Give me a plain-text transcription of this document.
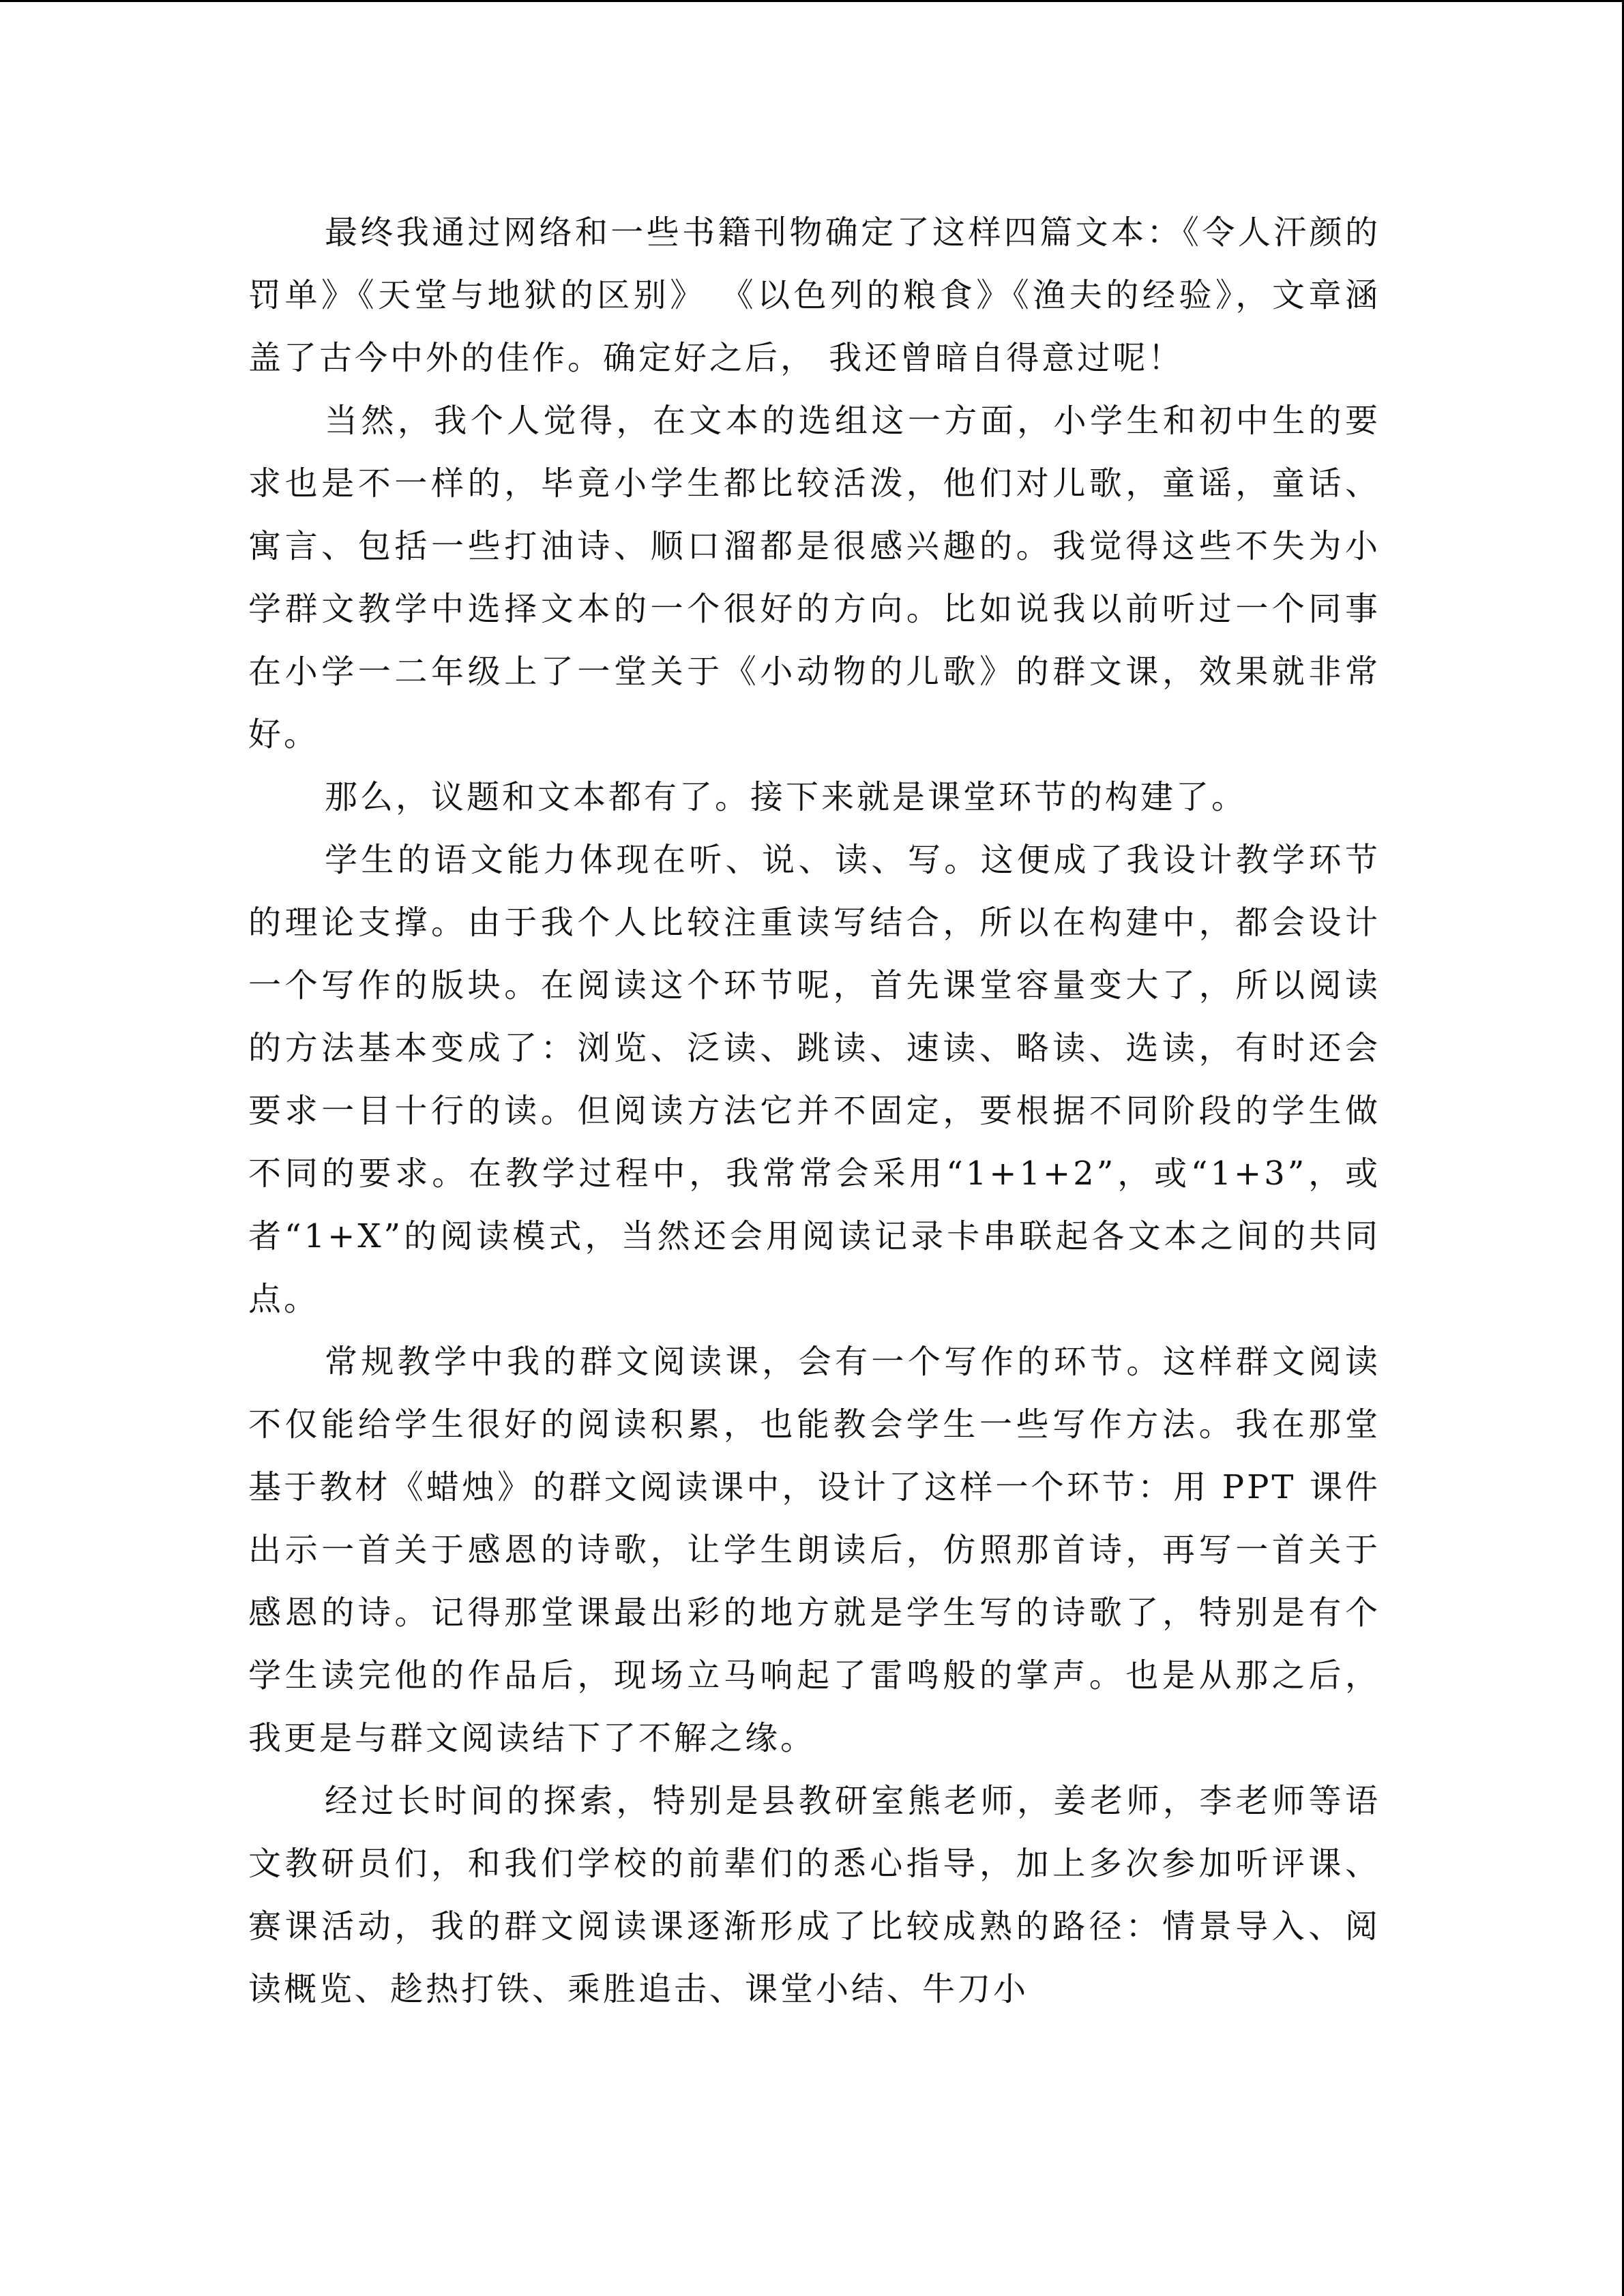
最终我通过网络和一些书籍刊物确定了这样四篇文本：《令人汗颜的罚单》《天堂与地狱的区别》 《以色列的粮食》《渔夫的经验》，文章涵盖了古今中外的佳作。确定好之后， 我还曾暗自得意过呢！

当然，我个人觉得，在文本的选组这一方面，小学生和初中生的要求也是不一样的，毕竟小学生都比较活泼，他们对儿歌，童谣，童话、寓言、包括一些打油诗、顺口溜都是很感兴趣的。我觉得这些不失为小学群文教学中选择文本的一个很好的方向。比如说我以前听过一个同事在小学一二年级上了一堂关于《小动物的儿歌》的群文课，效果就非常好。

那么，议题和文本都有了。接下来就是课堂环节的构建了。

学生的语文能力体现在听、说、读、写。这便成了我设计教学环节的理论支撑。由于我个人比较注重读写结合，所以在构建中，都会设计一个写作的版块。在阅读这个环节呢，首先课堂容量变大了，所以阅读的方法基本变成了：浏览、泛读、跳读、速读、略读、选读，有时还会要求一目十行的读。但阅读方法它并不固定，要根据不同阶段的学生做不同的要求。在教学过程中，我常常会采用“1+1+2”，或“1+3”，或者“1+X”的阅读模式，当然还会用阅读记录卡串联起各文本之间的共同点。

常规教学中我的群文阅读课，会有一个写作的环节。这样群文阅读不仅能给学生很好的阅读积累，也能教会学生一些写作方法。我在那堂基于教材《蜡烛》的群文阅读课中，设计了这样一个环节：用 PPT 课件出示一首关于感恩的诗歌，让学生朗读后，仿照那首诗，再写一首关于感恩的诗。记得那堂课最出彩的地方就是学生写的诗歌了，特别是有个学生读完他的作品后，现场立马响起了雷鸣般的掌声。也是从那之后， 我更是与群文阅读结下了不解之缘。

经过长时间的探索，特别是县教研室熊老师，姜老师，李老师等语文教研员们，和我们学校的前辈们的悉心指导，加上多次参加听评课、赛课活动，我的群文阅读课逐渐形成了比较成熟的路径：情景导入、阅读概览、趁热打铁、乘胜追击、课堂小结、牛刀小
